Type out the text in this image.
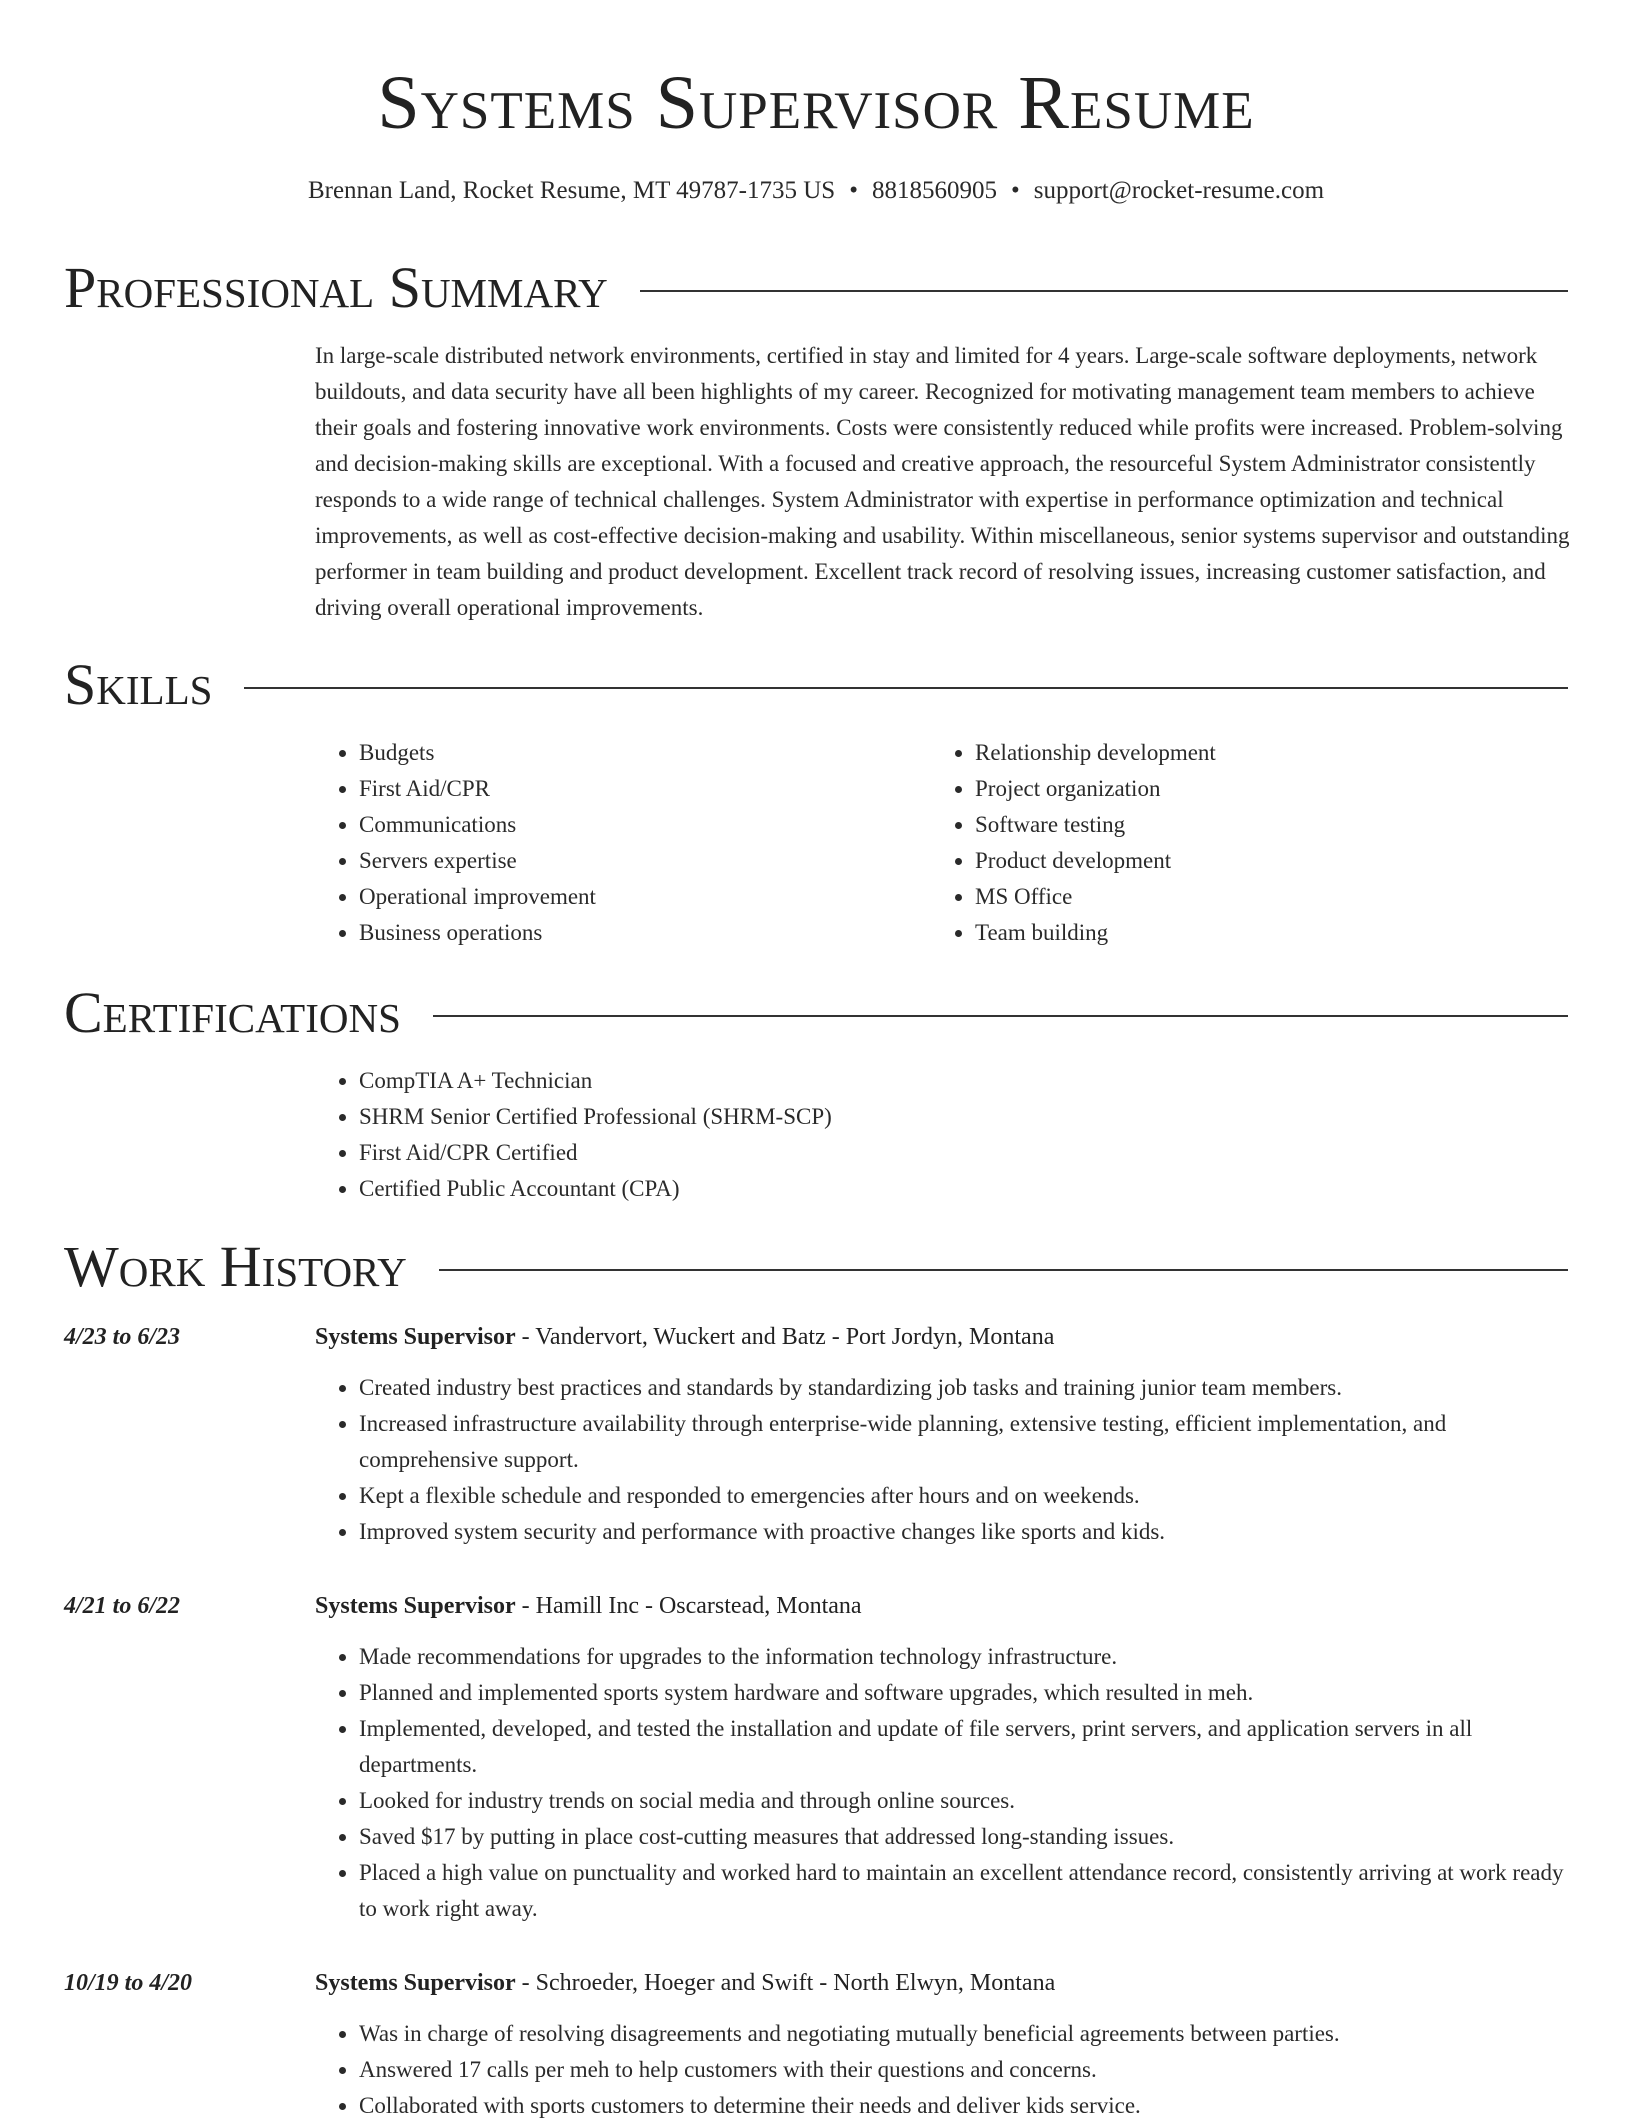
Systems Supervisor Resume
Brennan Land, Rocket Resume, MT 49787-1735 US • 8818560905 • support@rocket-resume.com
Professional Summary

In large-scale distributed network environments, certified in stay and limited for 4 years. Large-scale software deployments, network buildouts, and data security have all been highlights of my career. Recognized for motivating management team members to achieve their goals and fostering innovative work environments. Costs were consistently reduced while profits were increased. Problem-solving and decision-making skills are exceptional. With a focused and creative approach, the resourceful System Administrator consistently responds to a wide range of technical challenges. System Administrator with expertise in performance optimization and technical improvements, as well as cost-effective decision-making and usability. Within miscellaneous, senior systems supervisor and outstanding performer in team building and product development. Excellent track record of resolving issues, increasing customer satisfaction, and driving overall operational improvements.

Skills
• Budgets
• First Aid/CPR
• Communications
• Servers expertise
• Operational improvement
• Business operations
• Relationship development
• Project organization
• Software testing
• Product development
• MS Office
• Team building
Certifications
• CompTIA A+ Technician
• SHRM Senior Certified Professional (SHRM-SCP)
• First Aid/CPR Certified
• Certified Public Accountant (CPA)
Work History
4/23 to 6/23	Systems Supervisor - Vandervort, Wuckert and Batz - Port Jordyn, Montana
• Created industry best practices and standards by standardizing job tasks and training junior team members.
• Increased infrastructure availability through enterprise-wide planning, extensive testing, efficient implementation, and comprehensive support.
• Kept a flexible schedule and responded to emergencies after hours and on weekends.
• Improved system security and performance with proactive changes like sports and kids.
4/21 to 6/22	Systems Supervisor - Hamill Inc - Oscarstead, Montana
• Made recommendations for upgrades to the information technology infrastructure.
• Planned and implemented sports system hardware and software upgrades, which resulted in meh.
• Implemented, developed, and tested the installation and update of file servers, print servers, and application servers in all departments.
• Looked for industry trends on social media and through online sources.
• Saved $17 by putting in place cost-cutting measures that addressed long-standing issues.
• Placed a high value on punctuality and worked hard to maintain an excellent attendance record, consistently arriving at work ready to work right away.
10/19 to 4/20	Systems Supervisor - Schroeder, Hoeger and Swift - North Elwyn, Montana
• Was in charge of resolving disagreements and negotiating mutually beneficial agreements between parties.
• Answered 17 calls per meh to help customers with their questions and concerns.
• Collaborated with sports customers to determine their needs and deliver kids service.
